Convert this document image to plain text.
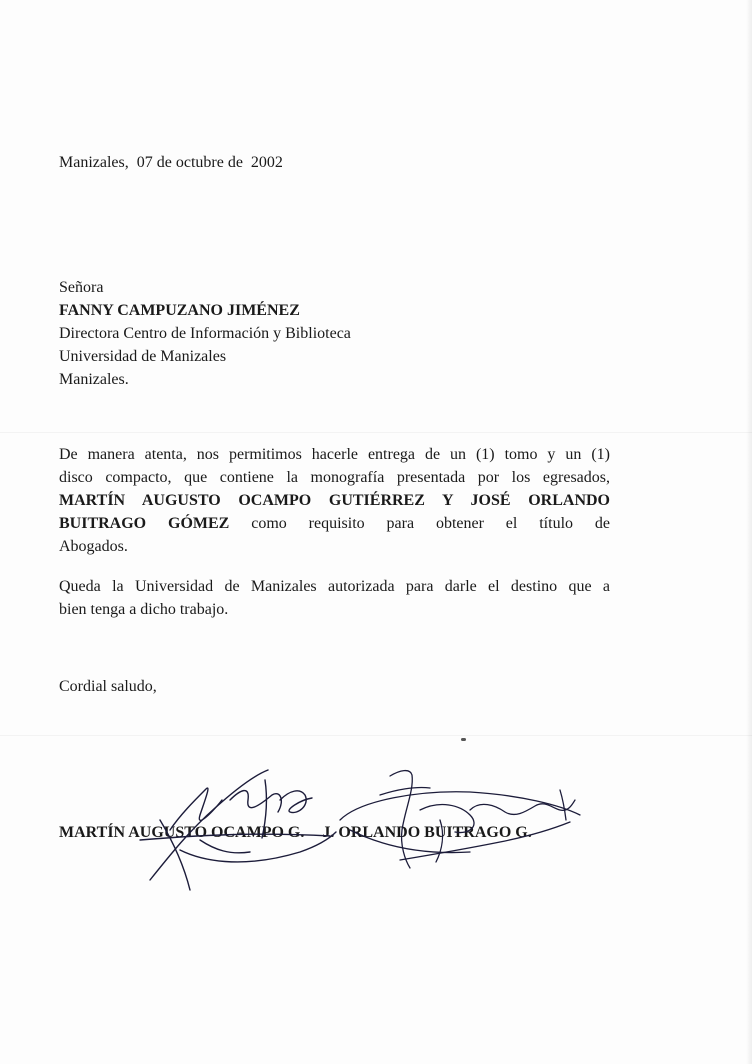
Manizales,  07 de octubre de  2002
Señora
FANNY CAMPUZANO JIMÉNEZ
Directora Centro de Información y Biblioteca
Universidad de Manizales
Manizales.
De manera atenta, nos permitimos hacerle entrega de un (1) tomo y un (1)
disco compacto, que contiene la monografía presentada por los egresados,
MARTÍN AUGUSTO OCAMPO GUTIÉRREZ Y JOSÉ ORLANDO
BUITRAGO GÓMEZ como requisito para obtener el título de
Abogados.
Queda la Universidad de Manizales autorizada para darle el destino que a
bien tenga a dicho trabajo.
Cordial saludo,
MARTÍN AUGUSTO OCAMPO G. J. ORLANDO BUITRAGO G.
